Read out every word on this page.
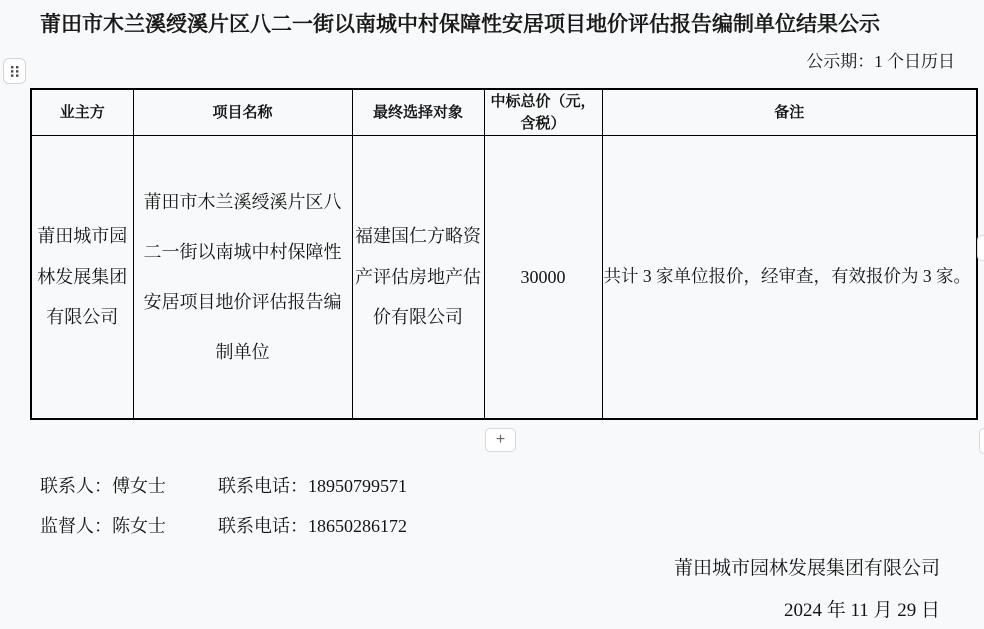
莆田市木兰溪绶溪片区八二一街以南城中村保障性安居项目地价评估报告编制单位结果公示
公示期：1 个日历日
业主方	项目名称	最终选择对象	中标总价（元，含税）	备注
莆田城市园林发展集团有限公司	莆田市木兰溪绶溪片区八二一街以南城中村保障性安居项目地价评估报告编制单位	福建国仁方略资产评估房地产估价有限公司	30000	共计 3 家单位报价，经审查，有效报价为 3 家。
+
联系人：傅女士	联系电话：18950799571
监督人：陈女士	联系电话：18650286172
莆田城市园林发展集团有限公司
2024 年 11 月 29 日
